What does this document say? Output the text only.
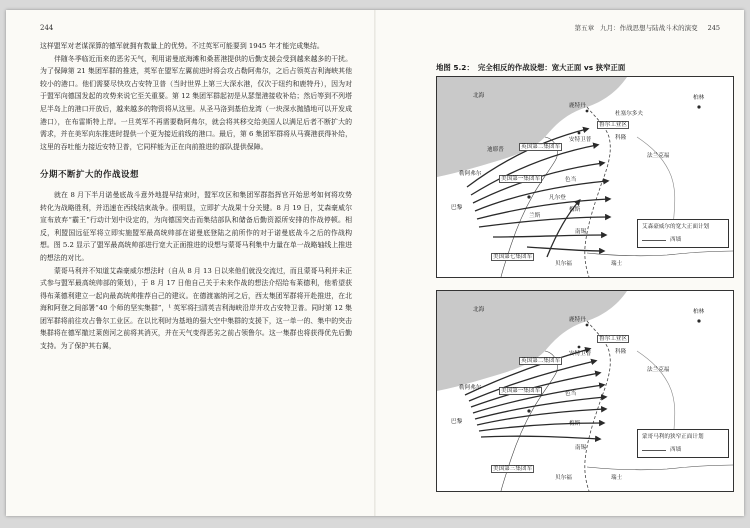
244

这样盟军对老谋深算的德军就拥有数量上的优势。不过英军可能要到 1945 年才能完成集结。

伴随冬季临近而来的恶劣天气，利用诺曼底海滩和桑葚港提供的后勤支援会受到越来越多的干扰。为了保障第 21 集团军群的推进，英军在盟军左翼前进时将会攻占勒阿弗尔，之后占领英吉利海峡其他较小的港口。他们需要尽快攻占安特卫普（当时世界上第三大深水港，仅次于纽约和鹿特丹），因为对于盟军向德国发起的攻势来说它至关重要。第 12 集团军群起初是从瑟堡港接收补给；然后等到不列塔尼半岛上的港口开放后，越来越多的物资将从这里。从圣马洛到基伯龙湾（一块深水抛锚地可以开发成港口），在布雷斯特上岸。一旦英军不再需要勒阿弗尔，就会将其移交给美国人以满足后者不断扩大的需求，并在美军向东推进时提供一个更为接近前线的港口。最后，第 6 集团军群将从马赛港获得补给，这里的吞吐能力接近安特卫普，它同样能为正在向前推进的部队提供保障。

分期不断扩大的作战设想

就在 8 月下半月诺曼底战斗意外地提早结束时，盟军攻区和集团军群指挥官开始思考如何将攻势转化为战略胜利，并迅速在西线结束战争。很明显，立即扩大战果十分关键。8 月 19 日，艾森豪威尔宣布放弃“霸王”行动计划中设定的，为向德国突击而集结部队和储备后勤资源所安排的作战停顿。相反，利盟国远征军将立即实施盟军最高统帅部在诺曼底登陆之前所作的对于诺曼底战斗之后的作战构想。图 5.2 显示了盟军最高统帅部进行宽大正面推进的设想与蒙哥马利集中力量在单一战略轴线上推进的想法的对比。

蒙哥马利并不知道艾森豪威尔想法时（自从 8 月 13 日以来他们就没交流过，而且蒙哥马利并未正式参与盟军最高统帅部的策划），于 8 月 17 日他自己关于未来作战的想法介绍给布莱德利，他希望获得布莱德利建立一起向最高统帅推荐自己的建议。在德渡塞纳河之后，西太集团军群将开赴推进，在北海和阿登之间部署“40 个师的坚实集群”，¹ 英军将扫清英吉利海峡沿岸并攻占安特卫普。同时第 12 集团军群将前往攻占鲁尔工业区。在以比利时为基地的强大空中集群的支援下，这一单一的、集中的突击集群将在德军撤过莱茵河之前将其消灭，并在天气变得恶劣之前占领鲁尔。这一集群也将获得优先后勤支持。为了保护其右翼，

第五章 九月：作战思想与陆战斗术的演变 245
地图 5.2： 完全相反的作战设想：宽大正面 vs 狭窄正面
北海	柏林
鹿特丹
安特卫普
鲁尔工业区
科隆
杜塞尔多夫
法兰克福
勒阿弗尔
迪耶普	英国第二集团军
美国第一集团军
巴黎
色当
梅斯
南锡
凡尔登
兰斯
瑞士
美国第七集团军
贝尔福
艾森豪威尔的宽大正面计划
西墙
北海	柏林
鹿特丹
安特卫普
鲁尔工业区
科隆
勒阿弗尔
法兰克福
英国第二集团军
美国第一集团军
巴黎	梅斯
南锡
瑞士
美国第三集团军
贝尔福
色当
蒙哥马利的狭窄正面计划
西墙
